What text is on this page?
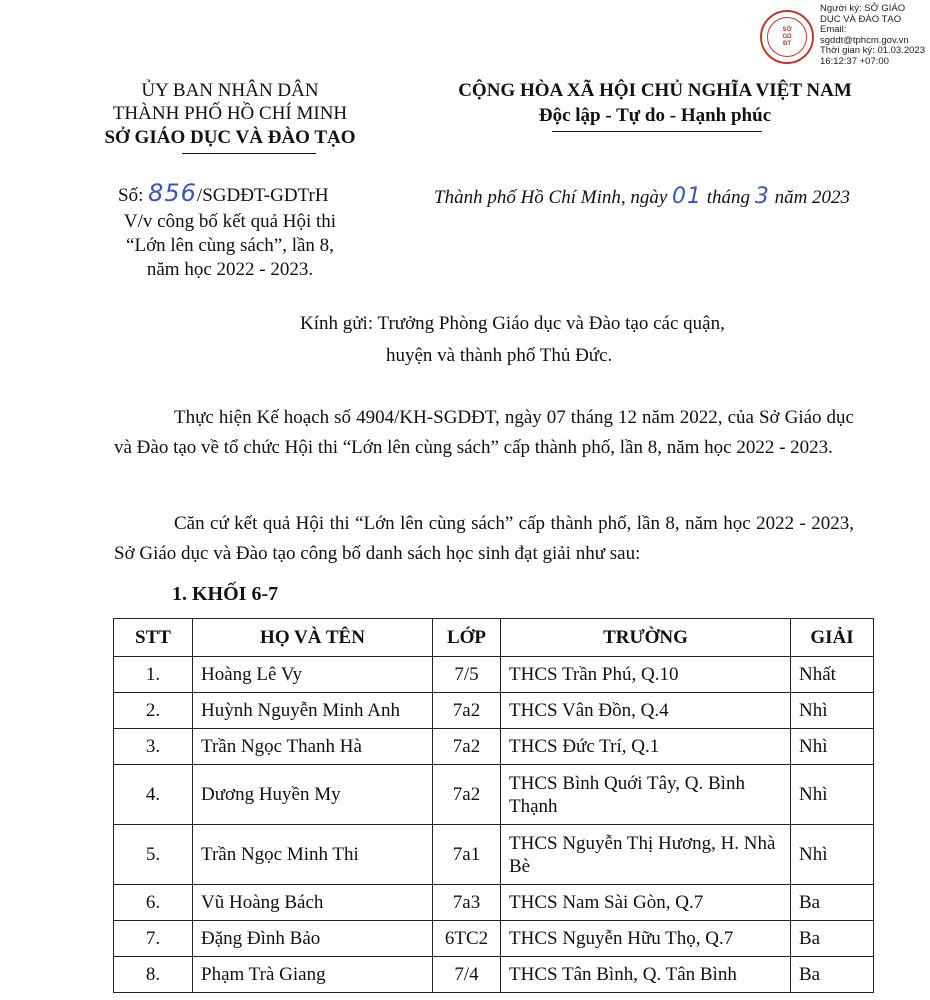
SỞ
GD
ĐT
Người ký: SỞ GIÁO
DỤC VÀ ĐÀO TẠO
Email:
sgddt@tphcm.gov.vn
Thời gian ký: 01.03.2023
16:12:37 +07:00
ỦY BAN NHÂN DÂN
THÀNH PHỐ HỒ CHÍ MINH
SỞ GIÁO DỤC VÀ ĐÀO TẠO
CỘNG HÒA XÃ HỘI CHỦ NGHĨA VIỆT NAM
Độc lập - Tự do - Hạnh phúc
Số: 856/SGDĐT-GDTrH
V/v công bố kết quả Hội thi
“Lớn lên cùng sách”, lần 8,
năm học 2022 - 2023.
Thành phố Hồ Chí Minh, ngày 01 tháng 3 năm 2023
Kính gửi: Trưởng Phòng Giáo dục và Đào tạo các quận,
huyện và thành phố Thủ Đức.
Thực hiện Kế hoạch số 4904/KH-SGDĐT, ngày 07 tháng 12 năm 2022, của Sở Giáo dục và Đào tạo về tổ chức Hội thi “Lớn lên cùng sách” cấp thành phố, lần 8, năm học 2022 - 2023.
Căn cứ kết quả Hội thi “Lớn lên cùng sách” cấp thành phố, lần 8, năm học 2022 - 2023, Sở Giáo dục và Đào tạo công bố danh sách học sinh đạt giải như sau:
1. KHỐI 6-7
STT	HỌ VÀ TÊN	LỚP	TRƯỜNG	GIẢI
1.	Hoàng Lê Vy	7/5	THCS Trần Phú, Q.10	Nhất
2.	Huỳnh Nguyễn Minh Anh	7a2	THCS Vân Đồn, Q.4	Nhì
3.	Trần Ngọc Thanh Hà	7a2	THCS Đức Trí, Q.1	Nhì
4.	Dương Huyền My	7a2	THCS Bình Quới Tây, Q. Bình Thạnh	Nhì
5.	Trần Ngọc Minh Thi	7a1	THCS Nguyễn Thị Hương, H. Nhà Bè	Nhì
6.	Vũ Hoàng Bách	7a3	THCS Nam Sài Gòn, Q.7	Ba
7.	Đặng Đình Bảo	6TC2	THCS Nguyễn Hữu Thọ, Q.7	Ba
8.	Phạm Trà Giang	7/4	THCS Tân Bình, Q. Tân Bình	Ba
